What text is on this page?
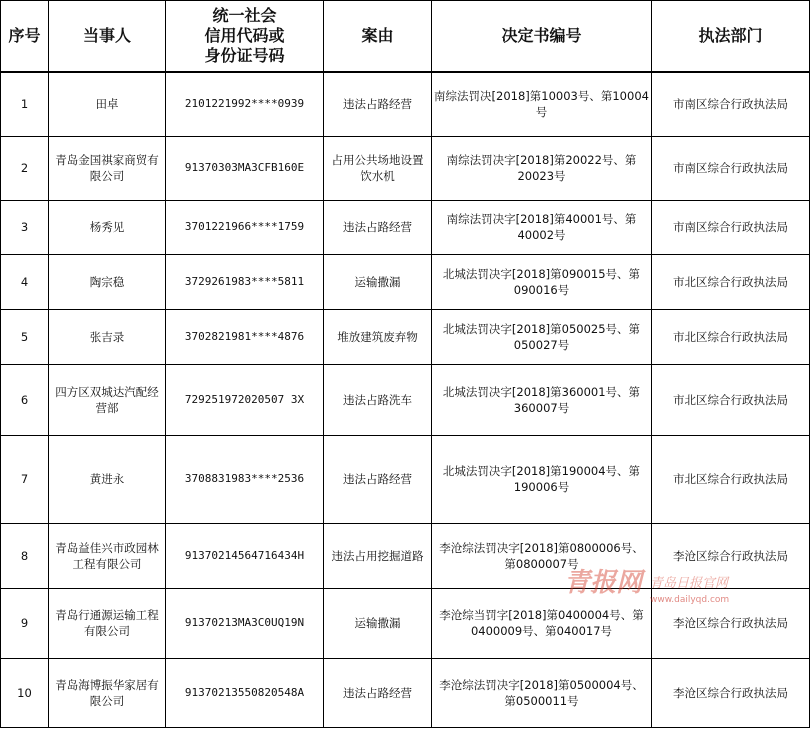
序号	当事人	统一社会
信用代码或
身份证号码	案由	决定书编号	执法部门
1	田卓	2101221992****0939	违法占路经营	南综法罚决[2018]第10003号、第10004号	市南区综合行政执法局
2	青岛金国祺家商贸有限公司	91370303MA3CFB160E	占用公共场地设置饮水机	南综法罚决字[2018]第20022号、第20023号	市南区综合行政执法局
3	杨秀见	3701221966****1759	违法占路经营	南综法罚决字[2018]第40001号、第40002号	市南区综合行政执法局
4	陶宗稳	3729261983****5811	运输撒漏	北城法罚决字[2018]第090015号、第090016号	市北区综合行政执法局
5	张吉录	3702821981****4876	堆放建筑废弃物	北城法罚决字[2018]第050025号、第050027号	市北区综合行政执法局
6	四方区双城达汽配经营部	729251972020507 3X	违法占路洗车	北城法罚决字[2018]第360001号、第360007号	市北区综合行政执法局
7	黄进永	3708831983****2536	违法占路经营	北城法罚决字[2018]第190004号、第190006号	市北区综合行政执法局
8	青岛益佳兴市政园林工程有限公司	91370214564716434H	违法占用挖掘道路	李沧综法罚决字[2018]第0800006号、第0800007号	李沧区综合行政执法局
9	青岛行通源运输工程有限公司	91370213MA3C0UQ19N	运输撒漏	李沧综当罚字[2018]第0400004号、第0400009号、第040017号	李沧区综合行政执法局
10	青岛海博振华家居有限公司	91370213550820548A	违法占路经营	李沧综法罚决字[2018]第0500004号、第0500011号	李沧区综合行政执法局
青报网 青岛日报官网
www.dailyqd.com
